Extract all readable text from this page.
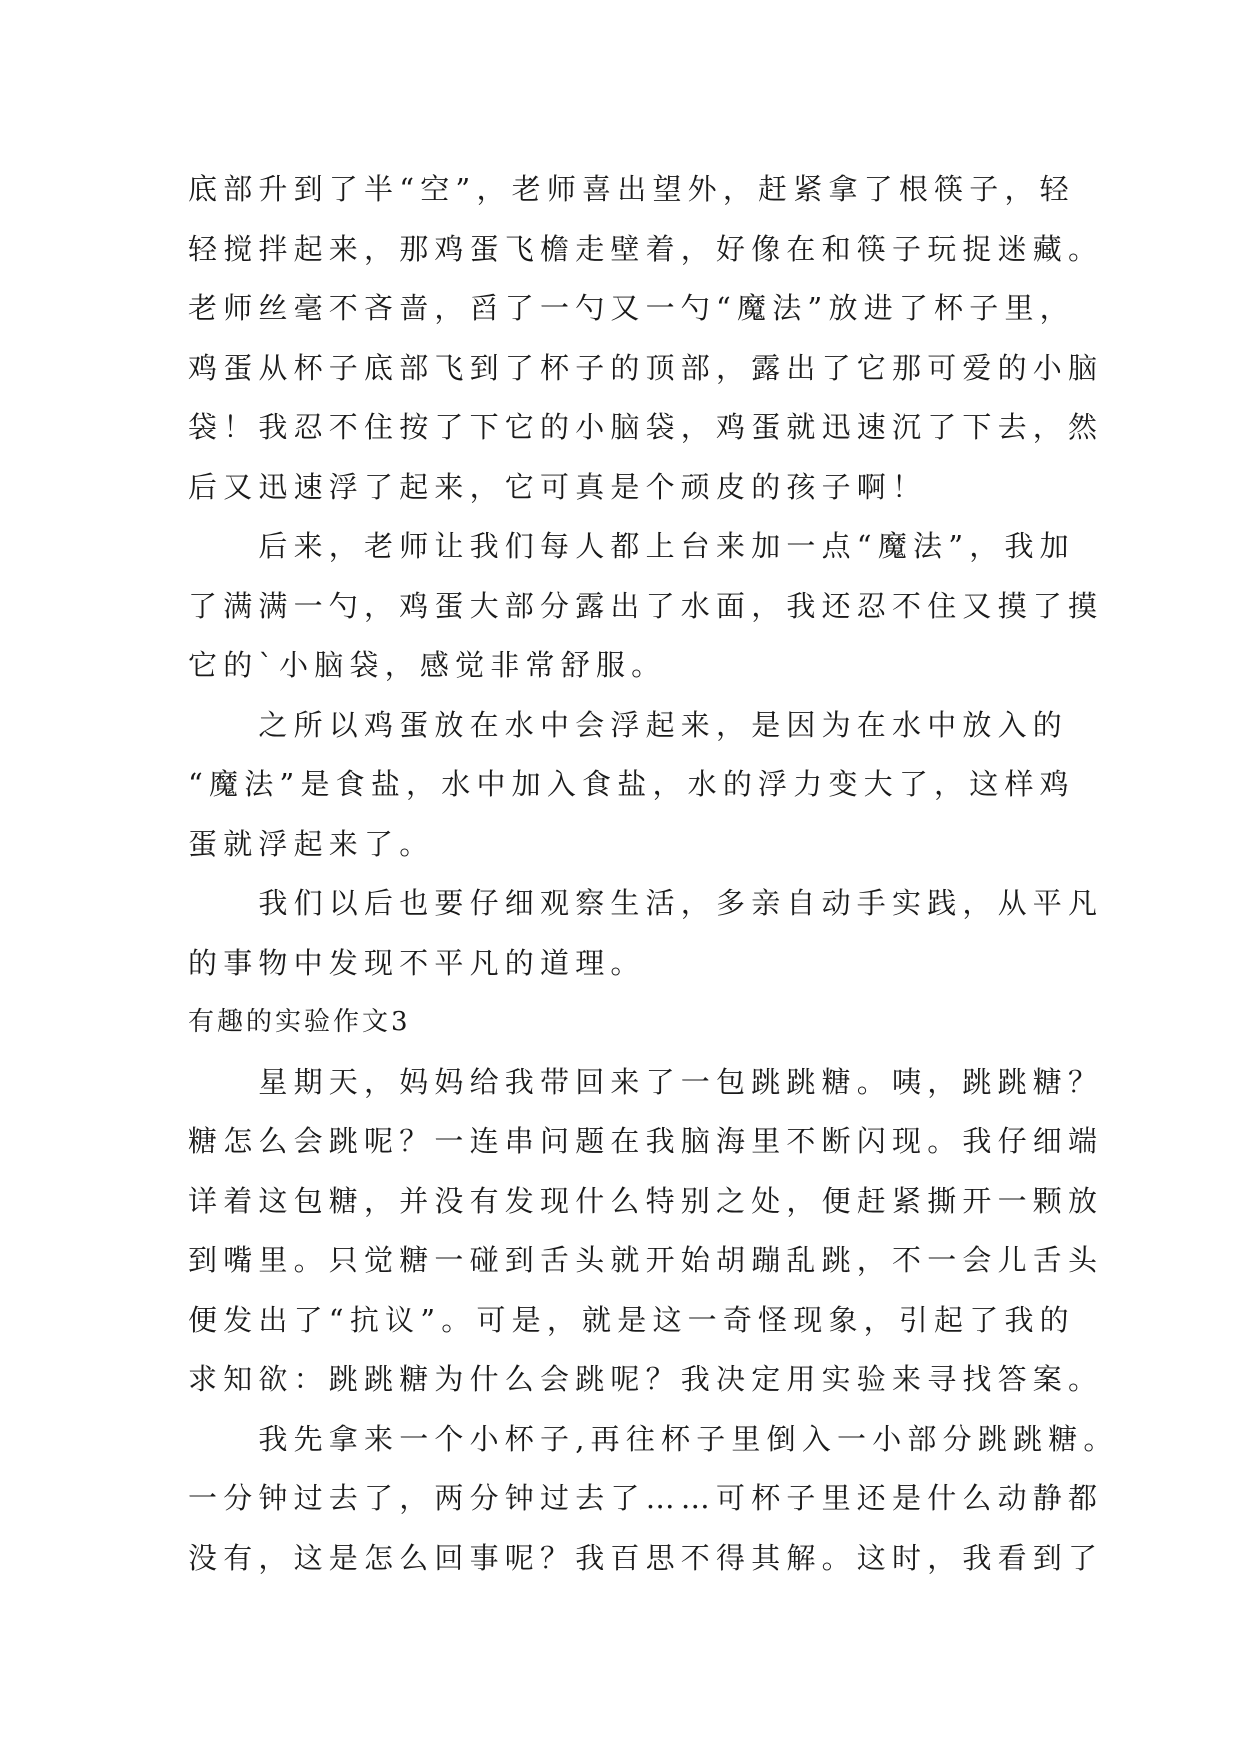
底部升到了半“空”，老师喜出望外，赶紧拿了根筷子，轻
轻搅拌起来，那鸡蛋飞檐走壁着，好像在和筷子玩捉迷藏。
老师丝毫不吝啬，舀了一勺又一勺“魔法”放进了杯子里，
鸡蛋从杯子底部飞到了杯子的顶部，露出了它那可爱的小脑
袋！我忍不住按了下它的小脑袋，鸡蛋就迅速沉了下去，然
后又迅速浮了起来，它可真是个顽皮的孩子啊！
　　后来，老师让我们每人都上台来加一点“魔法”，我加
了满满一勺，鸡蛋大部分露出了水面，我还忍不住又摸了摸
它的`小脑袋，感觉非常舒服。
　　之所以鸡蛋放在水中会浮起来，是因为在水中放入的
“魔法”是食盐，水中加入食盐，水的浮力变大了，这样鸡
蛋就浮起来了。
　　我们以后也要仔细观察生活，多亲自动手实践，从平凡
的事物中发现不平凡的道理。
有趣的实验作文3
　　星期天，妈妈给我带回来了一包跳跳糖。咦，跳跳糖？
糖怎么会跳呢？一连串问题在我脑海里不断闪现。我仔细端
详着这包糖，并没有发现什么特别之处，便赶紧撕开一颗放
到嘴里。只觉糖一碰到舌头就开始胡蹦乱跳，不一会儿舌头
便发出了“抗议”。可是，就是这一奇怪现象，引起了我的
求知欲：跳跳糖为什么会跳呢？我决定用实验来寻找答案。
　　我先拿来一个小杯子,再往杯子里倒入一小部分跳跳糖。
一分钟过去了，两分钟过去了……可杯子里还是什么动静都
没有，这是怎么回事呢？我百思不得其解。这时，我看到了
